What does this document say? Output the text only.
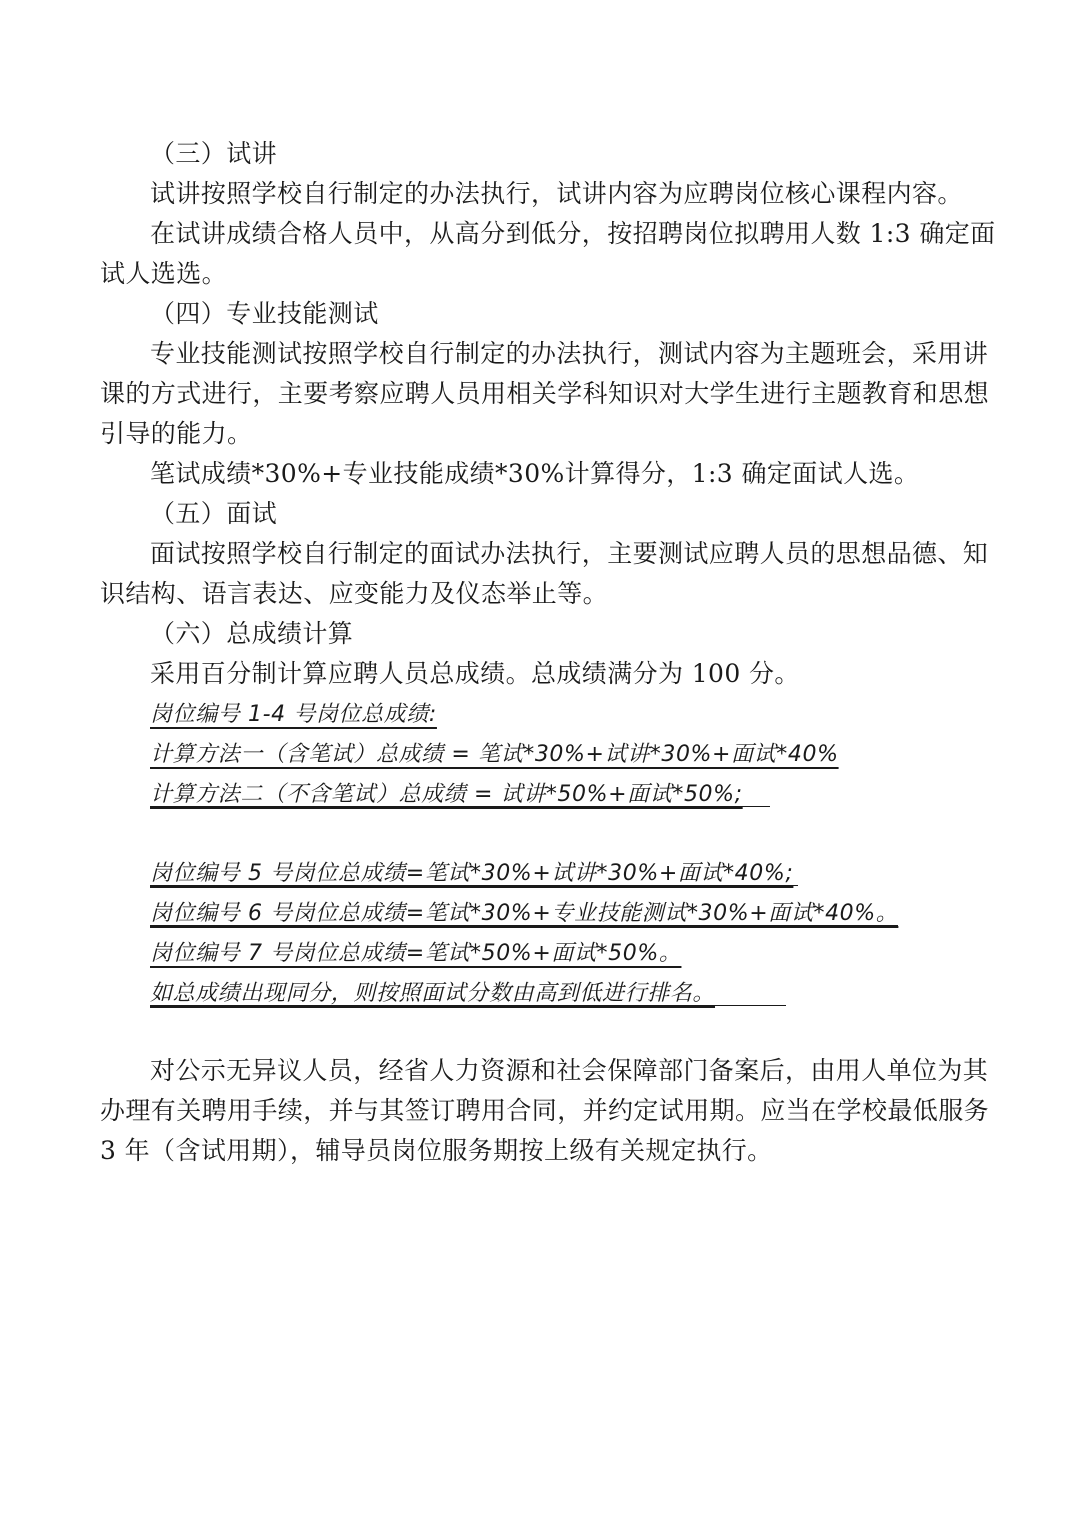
（三）试讲
试讲按照学校自行制定的办法执行，试讲内容为应聘岗位核心课程内容。
在试讲成绩合格人员中，从高分到低分，按招聘岗位拟聘用人数 1:3 确定面
试人选选。
（四）专业技能测试
专业技能测试按照学校自行制定的办法执行，测试内容为主题班会，采用讲
课的方式进行，主要考察应聘人员用相关学科知识对大学生进行主题教育和思想
引导的能力。
笔试成绩*30%+专业技能成绩*30%计算得分，1:3 确定面试人选。
（五）面试
面试按照学校自行制定的面试办法执行，主要测试应聘人员的思想品德、知
识结构、语言表达、应变能力及仪态举止等。
（六）总成绩计算
采用百分制计算应聘人员总成绩。总成绩满分为 100 分。
岗位编号 1-4 号岗位总成绩:
计算方法一（含笔试）总成绩 = 笔试*30%+试讲*30%+面试*40%
计算方法二（不含笔试）总成绩 = 试讲*50%+面试*50%;
岗位编号 5 号岗位总成绩=笔试*30%+试讲*30%+面试*40%;
岗位编号 6 号岗位总成绩=笔试*30%+专业技能测试*30%+面试*40%。
岗位编号 7 号岗位总成绩=笔试*50%+面试*50%。
如总成绩出现同分，则按照面试分数由高到低进行排名。
对公示无异议人员，经省人力资源和社会保障部门备案后，由用人单位为其
办理有关聘用手续，并与其签订聘用合同，并约定试用期。应当在学校最低服务
3 年（含试用期），辅导员岗位服务期按上级有关规定执行。
